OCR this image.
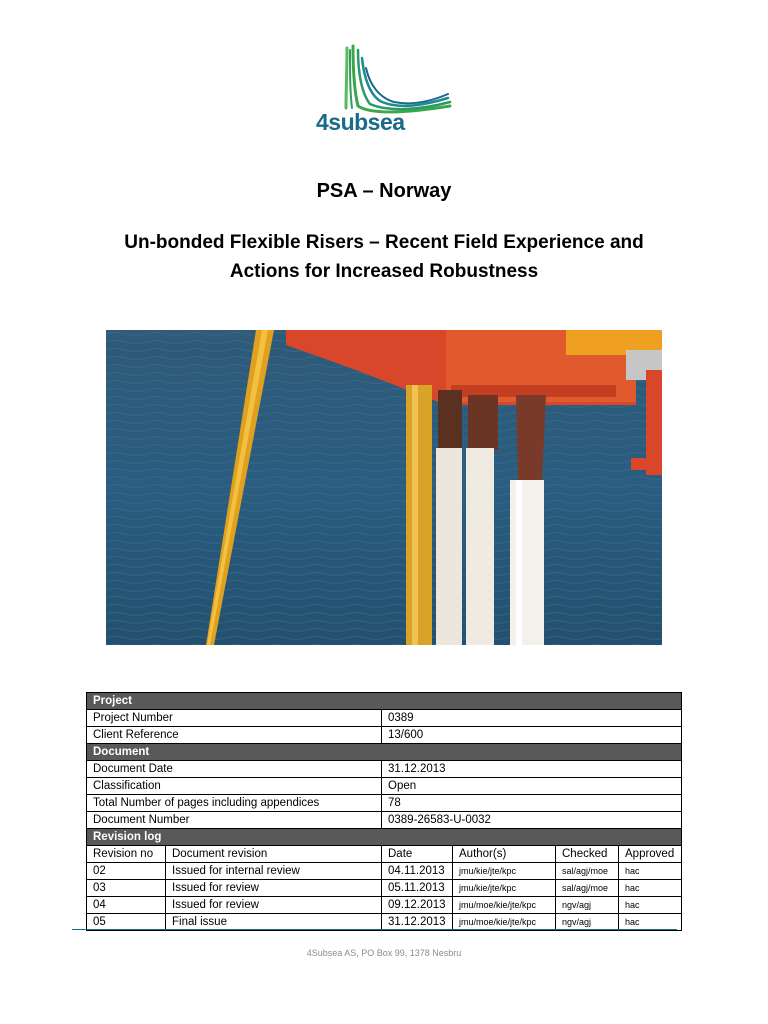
4subsea
PSA – Norway
Un-bonded Flexible Risers – Recent Field Experience and
Actions for Increased Robustness
Project					
Project Number		0389			
Client Reference		13/600			
Document					
Document Date		31.12.2013			
Classification		Open			
Total Number of pages including appendices		78			
Document Number		0389-26583-U-0032			
Revision log					
Revision no	Document revision	Date	Author(s)	Checked	Approved
02	Issued for internal review	04.11.2013	jmu/kie/jte/kpc	sal/agj/moe	hac
03	Issued for review	05.11.2013	jmu/kie/jte/kpc	sal/agj/moe	hac
04	Issued for review	09.12.2013	jmu/moe/kie/jte/kpc	ngv/agj	hac
05	Final issue	31.12.2013	jmu/moe/kie/jte/kpc	ngv/agj	hac
4Subsea AS, PO Box 99, 1378 Nesbru
